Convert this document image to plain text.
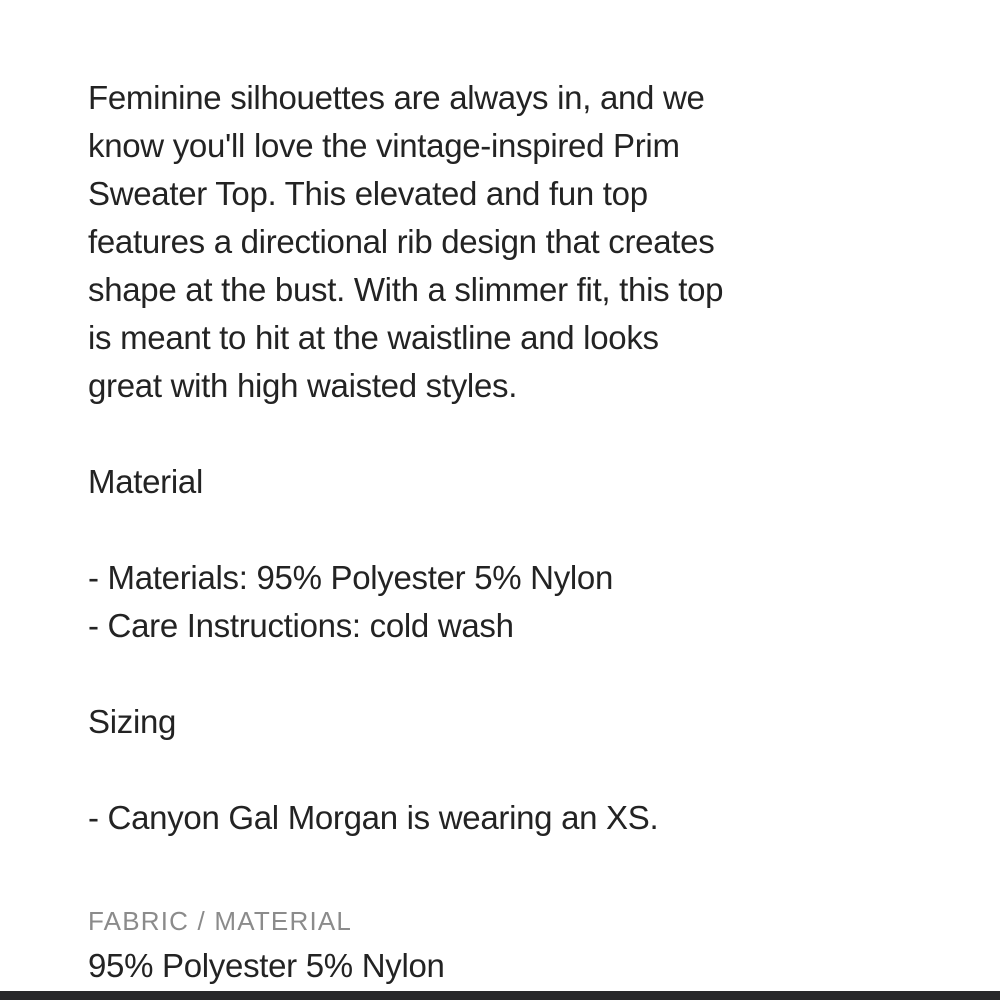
Feminine silhouettes are always in, and we
know you'll love the vintage-inspired Prim
Sweater Top. This elevated and fun top
features a directional rib design that creates
shape at the bust. With a slimmer fit, this top
is meant to hit at the waistline and looks
great with high waisted styles.
Material
- Materials: 95% Polyester 5% Nylon
- Care Instructions: cold wash
Sizing
- Canyon Gal Morgan is wearing an XS.
FABRIC / MATERIAL
95% Polyester 5% Nylon
